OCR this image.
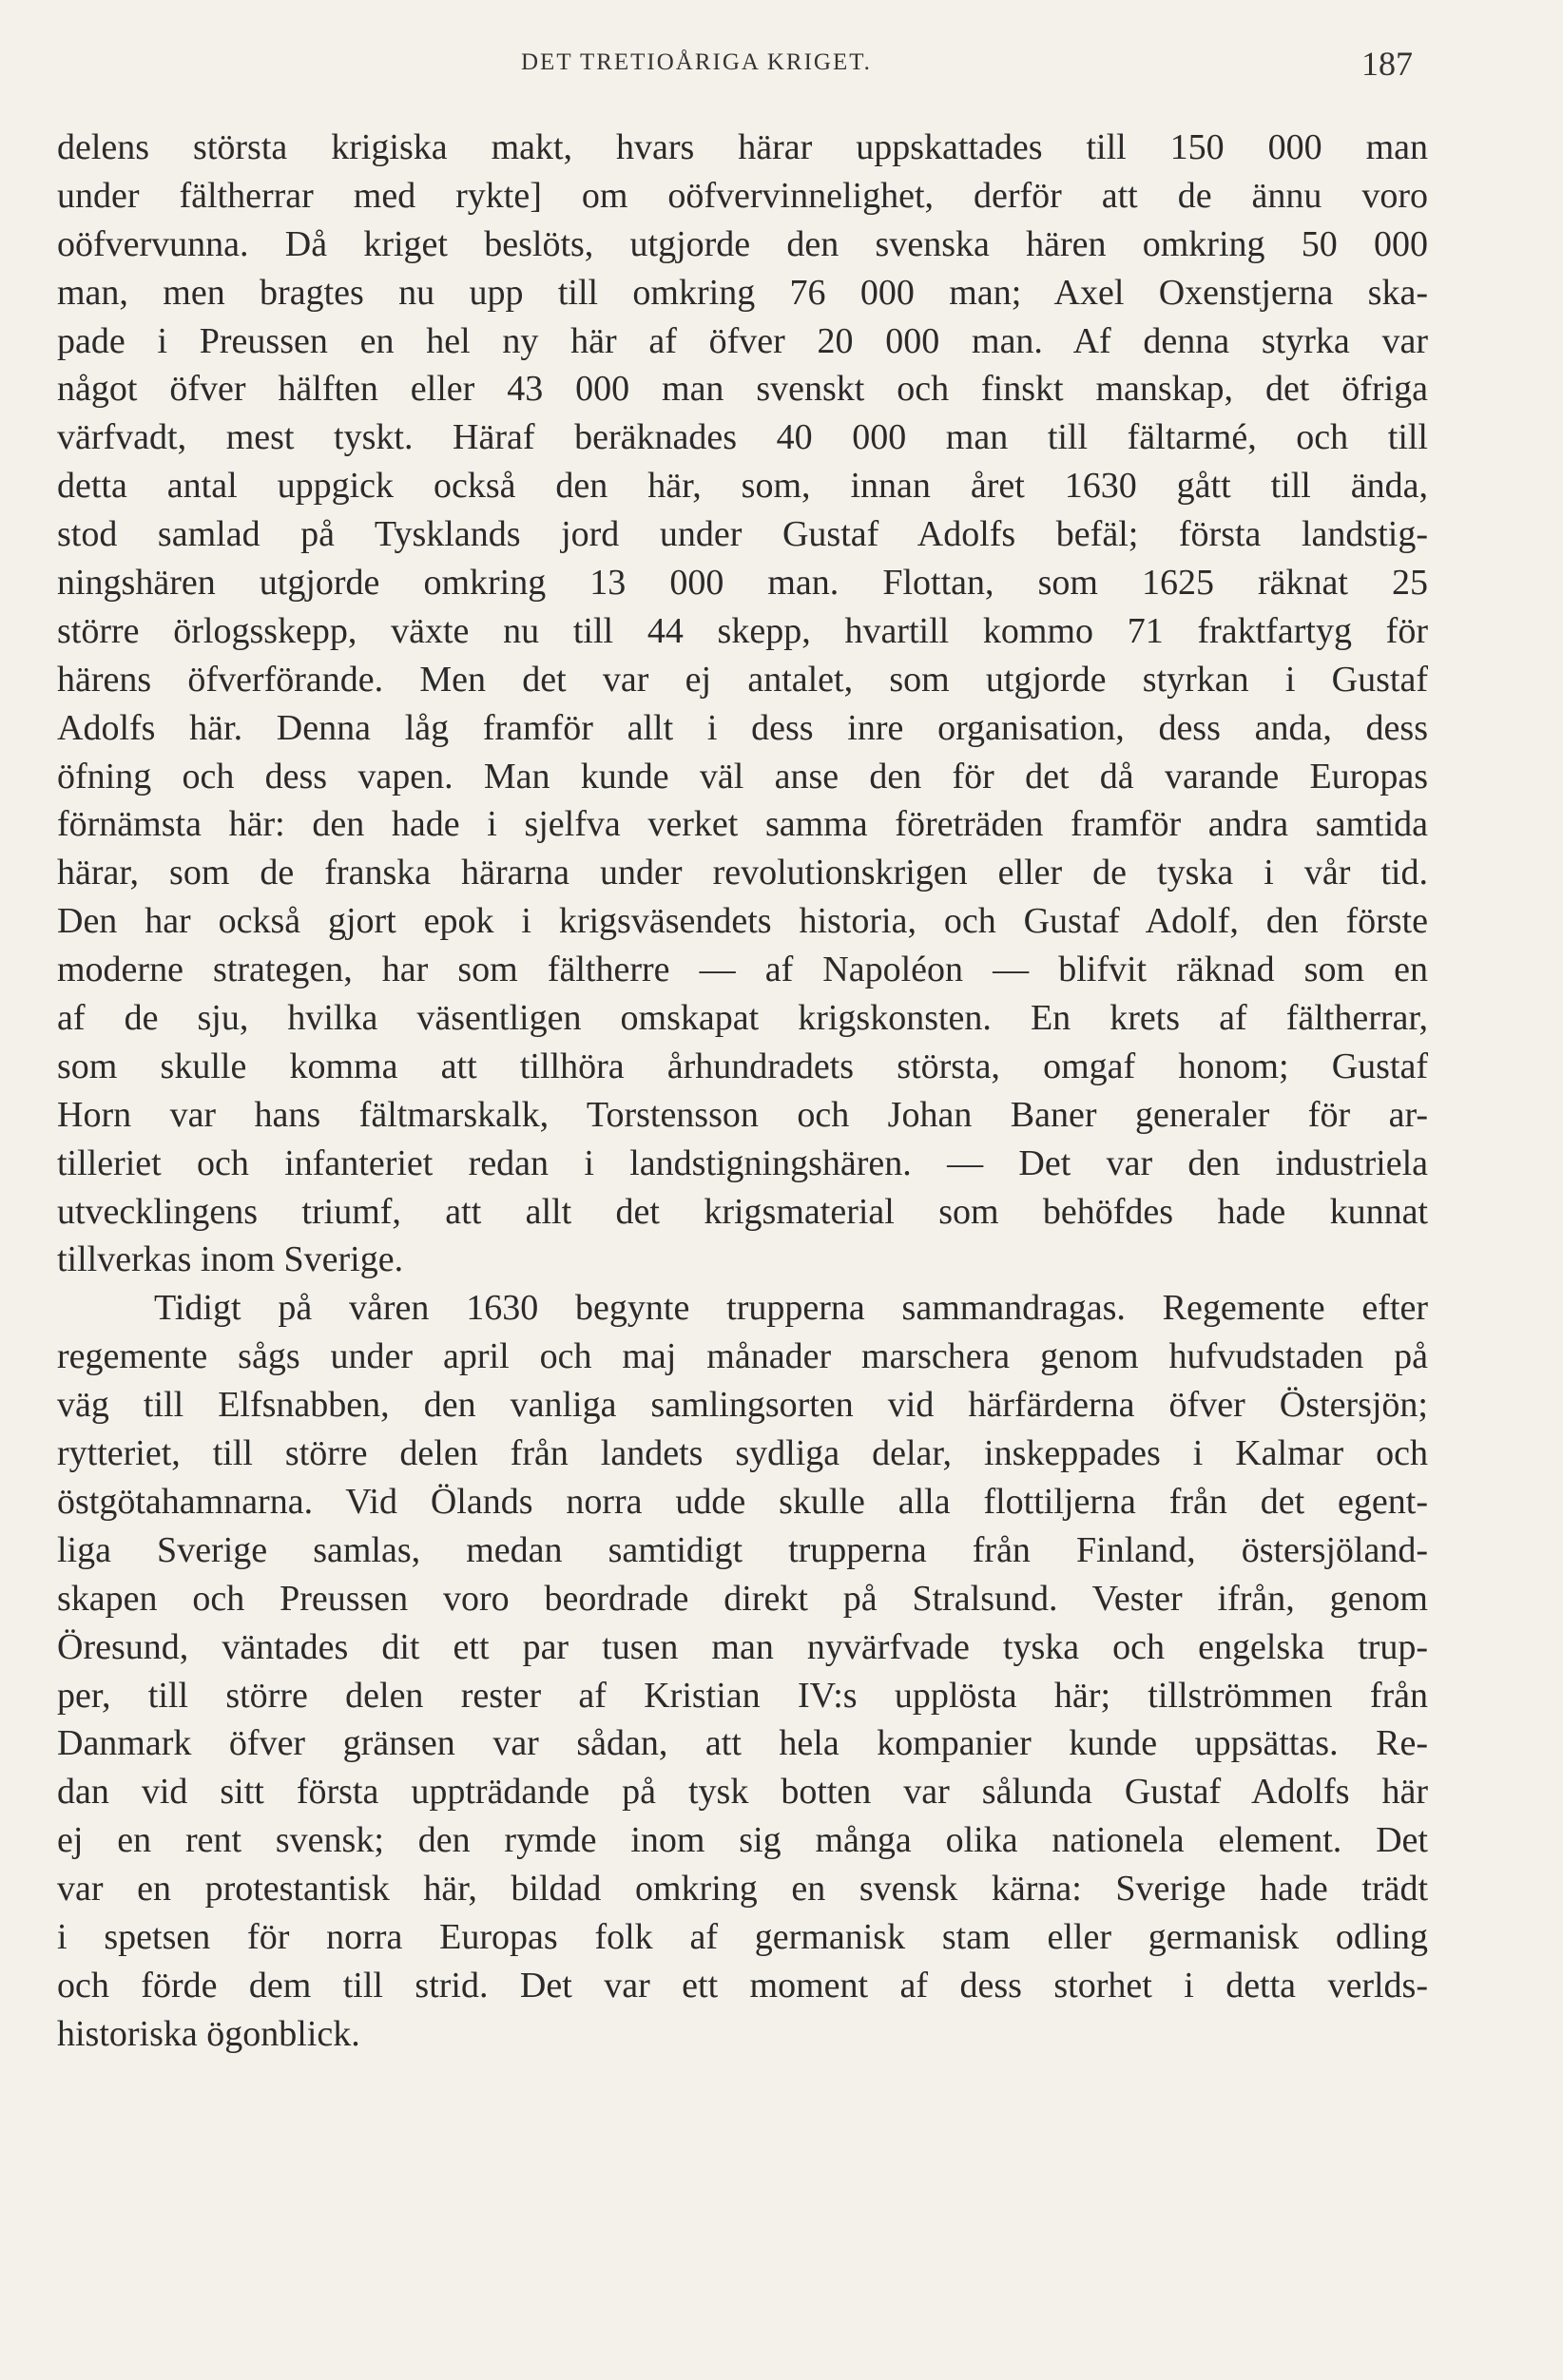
DET TRETIOÅRIGA KRIGET.	187
delens största krigiska makt, hvars härar uppskattades till 150 000 man
under fältherrar med rykte] om oöfvervinnelighet, derför att de ännu voro
oöfvervunna. Då kriget beslöts, utgjorde den svenska hären omkring 50 000
man, men bragtes nu upp till omkring 76 000 man; Axel Oxenstjerna ska-
pade i Preussen en hel ny här af öfver 20 000 man. Af denna styrka var
något öfver hälften eller 43 000 man svenskt och finskt manskap, det öfriga
värfvadt, mest tyskt. Häraf beräknades 40 000 man till fältarmé, och till
detta antal uppgick också den här, som, innan året 1630 gått till ända,
stod samlad på Tysklands jord under Gustaf Adolfs befäl; första landstig-
ningshären utgjorde omkring 13 000 man. Flottan, som 1625 räknat 25
större örlogsskepp, växte nu till 44 skepp, hvartill kommo 71 fraktfartyg för
härens öfverförande. Men det var ej antalet, som utgjorde styrkan i Gustaf
Adolfs här. Denna låg framför allt i dess inre organisation, dess anda, dess
öfning och dess vapen. Man kunde väl anse den för det då varande Europas
förnämsta här: den hade i sjelfva verket samma företräden framför andra samtida
härar, som de franska härarna under revolutionskrigen eller de tyska i vår tid.
Den har också gjort epok i krigsväsendets historia, och Gustaf Adolf, den förste
moderne strategen, har som fältherre — af Napoléon — blifvit räknad som en
af de sju, hvilka väsentligen omskapat krigskonsten. En krets af fältherrar,
som skulle komma att tillhöra århundradets största, omgaf honom; Gustaf
Horn var hans fältmarskalk, Torstensson och Johan Baner generaler för ar-
tilleriet och infanteriet redan i landstigningshären. — Det var den industriela
utvecklingens triumf, att allt det krigsmaterial som behöfdes hade kunnat
tillverkas inom Sverige.
Tidigt på våren 1630 begynte trupperna sammandragas. Regemente efter
regemente sågs under april och maj månader marschera genom hufvudstaden på
väg till Elfsnabben, den vanliga samlingsorten vid härfärderna öfver Östersjön;
rytteriet, till större delen från landets sydliga delar, inskeppades i Kalmar och
östgötahamnarna. Vid Ölands norra udde skulle alla flottiljerna från det egent-
liga Sverige samlas, medan samtidigt trupperna från Finland, östersjöland-
skapen och Preussen voro beordrade direkt på Stralsund. Vester ifrån, genom
Öresund, väntades dit ett par tusen man nyvärfvade tyska och engelska trup-
per, till större delen rester af Kristian IV:s upplösta här; tillströmmen från
Danmark öfver gränsen var sådan, att hela kompanier kunde uppsättas. Re-
dan vid sitt första uppträdande på tysk botten var sålunda Gustaf Adolfs här
ej en rent svensk; den rymde inom sig många olika nationela element. Det
var en protestantisk här, bildad omkring en svensk kärna: Sverige hade trädt
i spetsen för norra Europas folk af germanisk stam eller germanisk odling
och förde dem till strid. Det var ett moment af dess storhet i detta verlds-
historiska ögonblick.
